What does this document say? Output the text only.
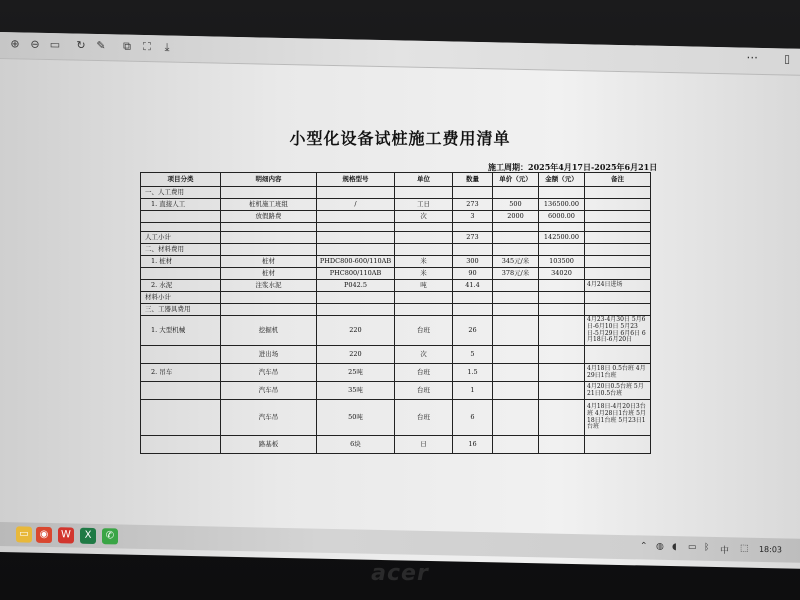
⊕ ⊖ ▭ ↻ ✎ ⧉ ⛶	⤓
··· ▯
小型化设备试桩施工费用清单
施工周期：2025年4月17日-2025年6月21日
项目分类	明细内容	规格型号	单位	数量	单价（元）	金额（元）	备注
一、人工费用							
1. 直接人工	桩机施工班组	/	工日	273	500	136500.00	
	放假路费		次	3	2000	6000.00	

人工小计				273		142500.00	
二、材料费用							
1. 桩材	桩材	PHDC800-600/110AB	米	300	345元/米	103500	
	桩材	PHC800/110AB	米	90	378元/米	34020	
2. 水泥	注浆水泥	P042.5	吨	41.4			4月24日进场
材料小计							
三、工器具费用							
1. 大型机械	挖掘机	220	台班	26			4月23-4月30日 5月6日-6月10日 5月23日-5月29日 6月6日 6月18日-6月20日
	进出场	220	次	5			
2. 吊车	汽车吊	25吨	台班	1.5			4月18日 0.5台班 4月29日1台班
	汽车吊	35吨	台班	1			4月20日0.5台班 5月21日0.5台班
	汽车吊	50吨	台班	6			4月18日-4月20日3台班 4月28日1台班 5月18日1台班 5月23日1台班
	路基板	6块	日	16			
▭	◉	W	X	✆
⌃ ◍ ◖ ▭ ᛒ 中 ⬚ 18:03
acer
